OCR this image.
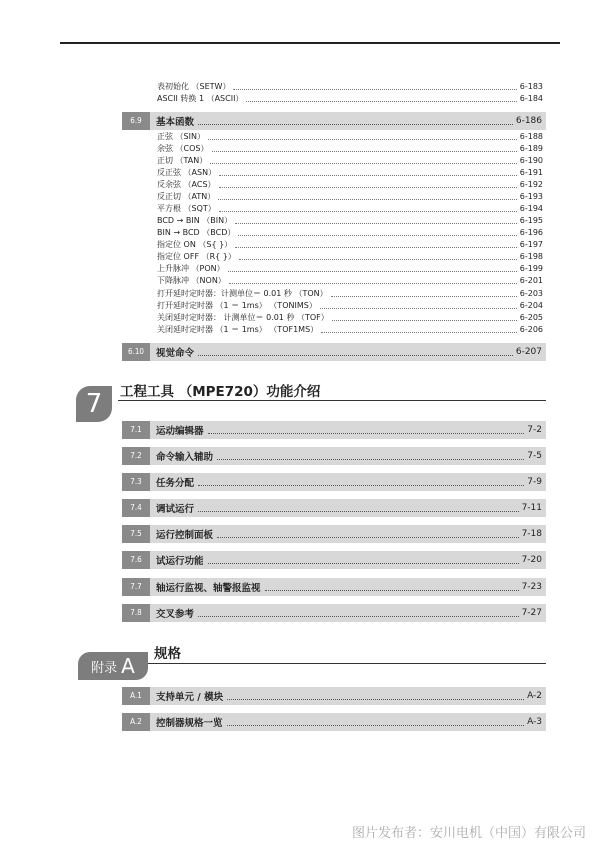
表初始化 （SETW）	6-183
ASCII 转换 1 （ASCII）	6-184
6.9	基本函数	6-186
正弦 （SIN）	6-188
余弦 （COS）	6-189
正切 （TAN）	6-190
反正弦 （ASN）	6-191
反余弦 （ACS）	6-192
反正切 （ATN）	6-193
平方根 （SQT）	6-194
BCD → BIN （BIN）	6-195
BIN → BCD （BCD）	6-196
指定位 ON （S{ }）	6-197
指定位 OFF （R{ }）	6-198
上升脉冲 （PON）	6-199
下降脉冲 （NON）	6-201
打开延时定时器：计测单位＝ 0.01 秒 （TON）	6-203
打开延时定时器 （1 ＝ 1ms） （TONIMS）	6-204
关闭延时定时器： 计测单位＝ 0.01 秒 （TOF）	6-205
关闭延时定时器 （1 ＝ 1ms） （TOF1MS）	6-206
6.10	视觉命令	6-207
7	工程工具 （MPE720）功能介绍
7.1	运动编辑器	7-2
7.2	命令输入辅助	7-5
7.3	任务分配	7-9
7.4	调试运行	7-11
7.5	运行控制面板	7-18
7.6	试运行功能	7-20
7.7	轴运行监视、轴警报监视	7-23
7.8	交叉参考	7-27
附录 A 规格
A.1	支持单元 / 模块	A-2
A.2	控制器规格一览	A-3
图片发布者：安川电机（中国）有限公司
